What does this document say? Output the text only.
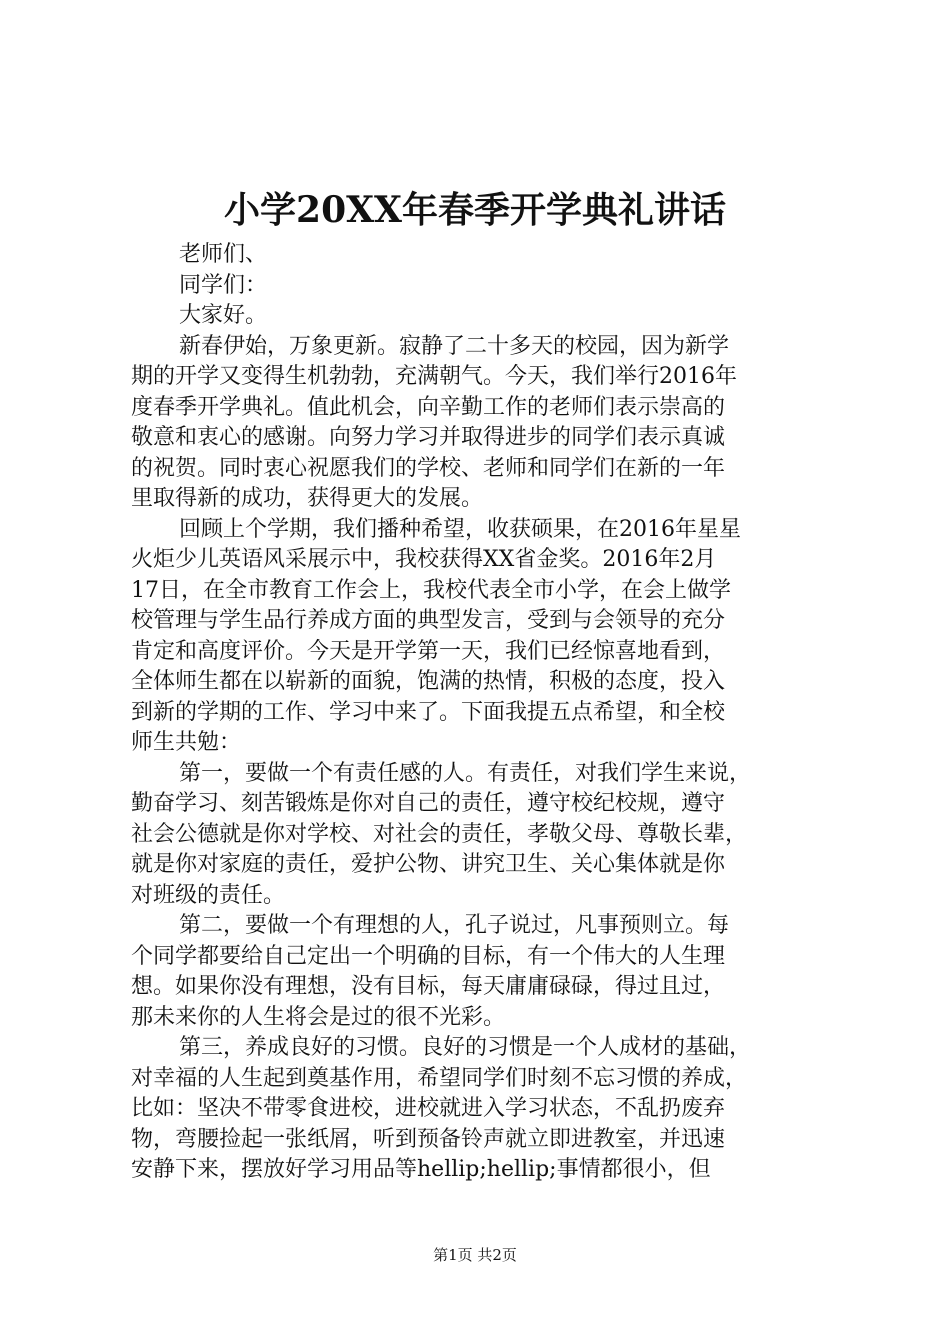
小学20XX年春季开学典礼讲话
老师们、
同学们：
大家好。
新春伊始，万象更新。寂静了二十多天的校园，因为新学
期的开学又变得生机勃勃，充满朝气。今天，我们举行2016年
度春季开学典礼。值此机会，向辛勤工作的老师们表示崇高的
敬意和衷心的感谢。向努力学习并取得进步的同学们表示真诚
的祝贺。同时衷心祝愿我们的学校、老师和同学们在新的一年
里取得新的成功，获得更大的发展。
回顾上个学期，我们播种希望，收获硕果，在2016年星星
火炬少儿英语风采展示中，我校获得XX省金奖。2016年2月
17日，在全市教育工作会上，我校代表全市小学，在会上做学
校管理与学生品行养成方面的典型发言，受到与会领导的充分
肯定和高度评价。今天是开学第一天，我们已经惊喜地看到，
全体师生都在以崭新的面貌，饱满的热情，积极的态度，投入
到新的学期的工作、学习中来了。下面我提五点希望，和全校
师生共勉：
第一，要做一个有责任感的人。有责任，对我们学生来说，
勤奋学习、刻苦锻炼是你对自己的责任，遵守校纪校规，遵守
社会公德就是你对学校、对社会的责任，孝敬父母、尊敬长辈，
就是你对家庭的责任，爱护公物、讲究卫生、关心集体就是你
对班级的责任。
第二，要做一个有理想的人，孔子说过，凡事预则立。每
个同学都要给自己定出一个明确的目标，有一个伟大的人生理
想。如果你没有理想，没有目标，每天庸庸碌碌，得过且过，
那未来你的人生将会是过的很不光彩。
第三，养成良好的习惯。良好的习惯是一个人成材的基础，
对幸福的人生起到奠基作用，希望同学们时刻不忘习惯的养成，
比如：坚决不带零食进校，进校就进入学习状态，不乱扔废弃
物，弯腰捡起一张纸屑，听到预备铃声就立即进教室，并迅速
安静下来，摆放好学习用品等hellip;hellip;事情都很小，但
第1页 共2页
